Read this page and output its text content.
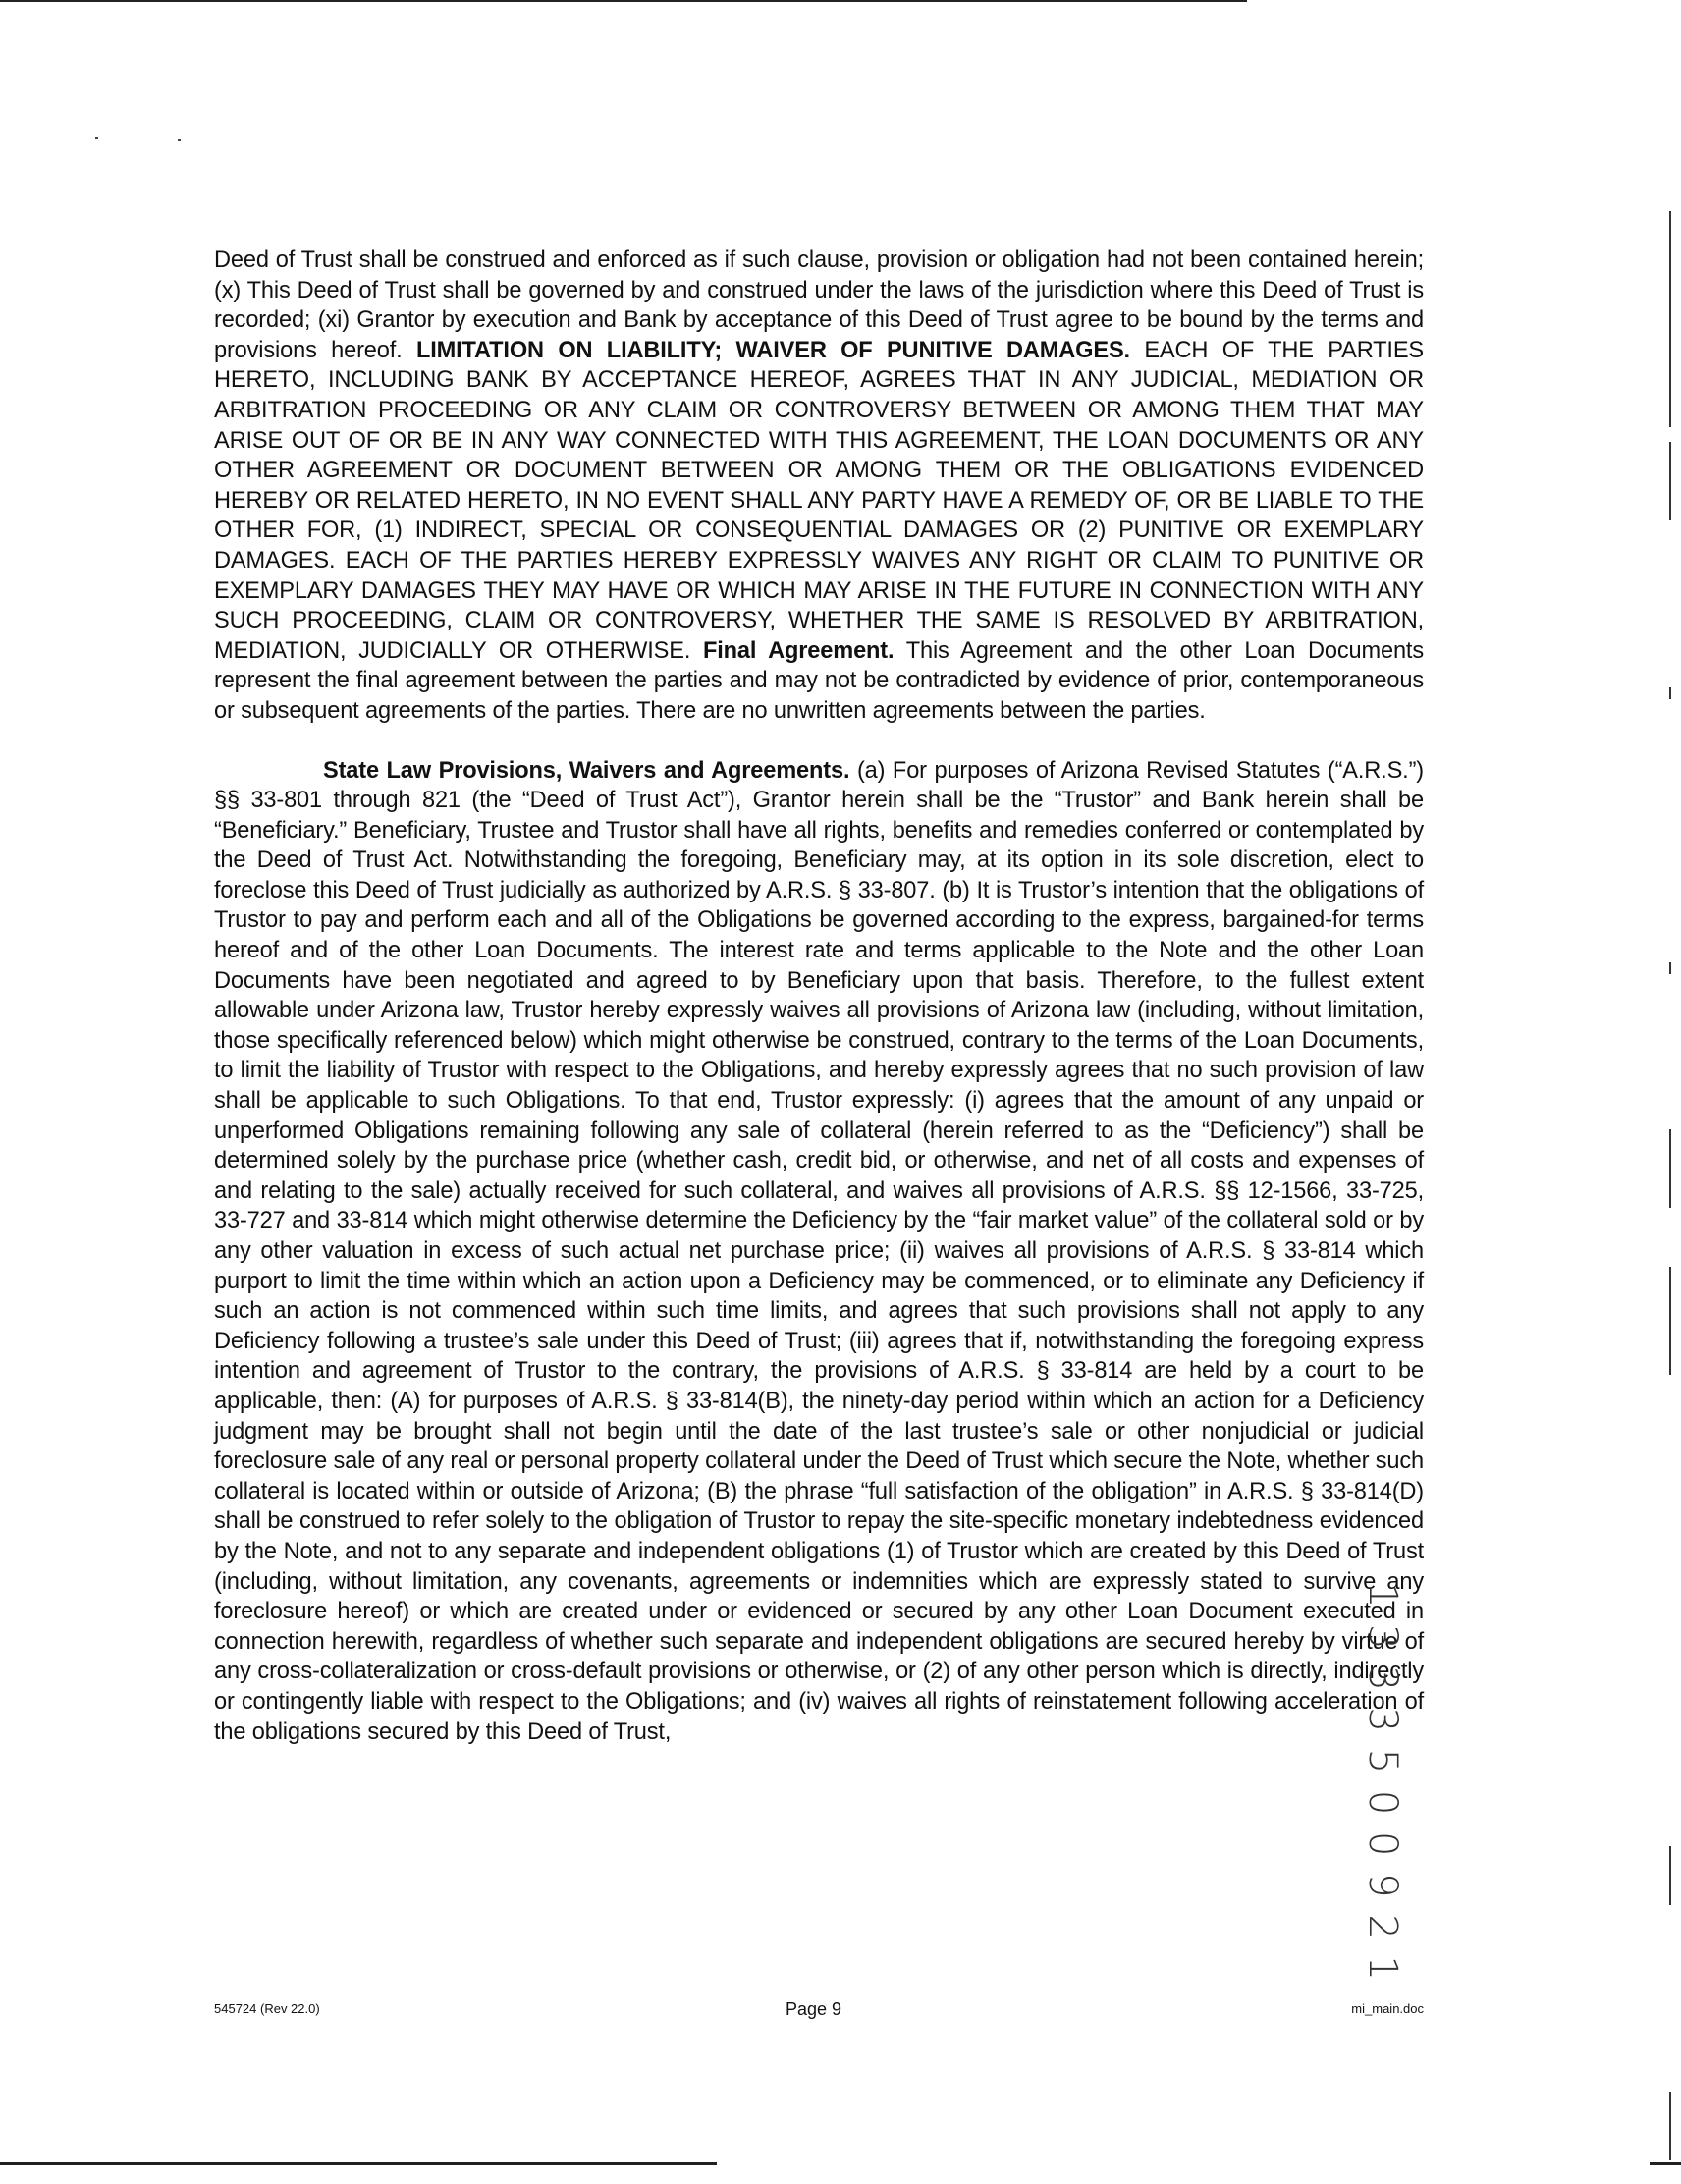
Deed of Trust shall be construed and enforced as if such clause, provision or obligation had not been contained herein; (x) This Deed of Trust shall be governed by and construed under the laws of the jurisdiction where this Deed of Trust is recorded; (xi) Grantor by execution and Bank by acceptance of this Deed of Trust agree to be bound by the terms and provisions hereof. LIMITATION ON LIABILITY; WAIVER OF PUNITIVE DAMAGES. EACH OF THE PARTIES HERETO, INCLUDING BANK BY ACCEPTANCE HEREOF, AGREES THAT IN ANY JUDICIAL, MEDIATION OR ARBITRATION PROCEEDING OR ANY CLAIM OR CONTROVERSY BETWEEN OR AMONG THEM THAT MAY ARISE OUT OF OR BE IN ANY WAY CONNECTED WITH THIS AGREEMENT, THE LOAN DOCUMENTS OR ANY OTHER AGREEMENT OR DOCUMENT BETWEEN OR AMONG THEM OR THE OBLIGATIONS EVIDENCED HEREBY OR RELATED HERETO, IN NO EVENT SHALL ANY PARTY HAVE A REMEDY OF, OR BE LIABLE TO THE OTHER FOR, (1) INDIRECT, SPECIAL OR CONSEQUENTIAL DAMAGES OR (2) PUNITIVE OR EXEMPLARY DAMAGES. EACH OF THE PARTIES HEREBY EXPRESSLY WAIVES ANY RIGHT OR CLAIM TO PUNITIVE OR EXEMPLARY DAMAGES THEY MAY HAVE OR WHICH MAY ARISE IN THE FUTURE IN CONNECTION WITH ANY SUCH PROCEEDING, CLAIM OR CONTROVERSY, WHETHER THE SAME IS RESOLVED BY ARBITRATION, MEDIATION, JUDICIALLY OR OTHERWISE. Final Agreement. This Agreement and the other Loan Documents represent the final agreement between the parties and may not be contradicted by evidence of prior, contemporaneous or subsequent agreements of the parties. There are no unwritten agreements between the parties.

State Law Provisions, Waivers and Agreements. (a) For purposes of Arizona Revised Statutes (“A.R.S.”) §§ 33-801 through 821 (the “Deed of Trust Act”), Grantor herein shall be the “Trustor” and Bank herein shall be “Beneficiary.” Beneficiary, Trustee and Trustor shall have all rights, benefits and remedies conferred or contemplated by the Deed of Trust Act. Notwithstanding the foregoing, Beneficiary may, at its option in its sole discretion, elect to foreclose this Deed of Trust judicially as authorized by A.R.S. § 33-807. (b) It is Trustor’s intention that the obligations of Trustor to pay and perform each and all of the Obligations be governed according to the express, bargained-for terms hereof and of the other Loan Documents. The interest rate and terms applicable to the Note and the other Loan Documents have been negotiated and agreed to by Beneficiary upon that basis. Therefore, to the fullest extent allowable under Arizona law, Trustor hereby expressly waives all provisions of Arizona law (including, without limitation, those specifically referenced below) which might otherwise be construed, contrary to the terms of the Loan Documents, to limit the liability of Trustor with respect to the Obligations, and hereby expressly agrees that no such provision of law shall be applicable to such Obligations. To that end, Trustor expressly: (i) agrees that the amount of any unpaid or unperformed Obligations remaining following any sale of collateral (herein referred to as the “Deficiency”) shall be determined solely by the purchase price (whether cash, credit bid, or otherwise, and net of all costs and expenses of and relating to the sale) actually received for such collateral, and waives all provisions of A.R.S. §§ 12-1566, 33-725, 33-727 and 33-814 which might otherwise determine the Deficiency by the “fair market value” of the collateral sold or by any other valuation in excess of such actual net purchase price; (ii) waives all provisions of A.R.S. § 33-814 which purport to limit the time within which an action upon a Deficiency may be commenced, or to eliminate any Deficiency if such an action is not commenced within such time limits, and agrees that such provisions shall not apply to any Deficiency following a trustee’s sale under this Deed of Trust; (iii) agrees that if, notwithstanding the foregoing express intention and agreement of Trustor to the contrary, the provisions of A.R.S. § 33-814 are held by a court to be applicable, then: (A) for purposes of A.R.S. § 33-814(B), the ninety-day period within which an action for a Deficiency judgment may be brought shall not begin until the date of the last trustee’s sale or other nonjudicial or judicial foreclosure sale of any real or personal property collateral under the Deed of Trust which secure the Note, whether such collateral is located within or outside of Arizona; (B) the phrase “full satisfaction of the obligation” in A.R.S. § 33-814(D) shall be construed to refer solely to the obligation of Trustor to repay the site-specific monetary indebtedness evidenced by the Note, and not to any separate and independent obligations (1) of Trustor which are created by this Deed of Trust (including, without limitation, any covenants, agreements or indemnities which are expressly stated to survive any foreclosure hereof) or which are created under or evidenced or secured by any other Loan Document executed in connection herewith, regardless of whether such separate and independent obligations are secured hereby by virtue of any cross-collateralization or cross-default provisions or otherwise, or (2) of any other person which is directly, indirectly or contingently liable with respect to the Obligations; and (iv) waives all rights of reinstatement following acceleration of the obligations secured by this Deed of Trust,

545724 (Rev 22.0)	Page 9	mi_main.doc
1 3 3 3 5 0 0 9 2 1
